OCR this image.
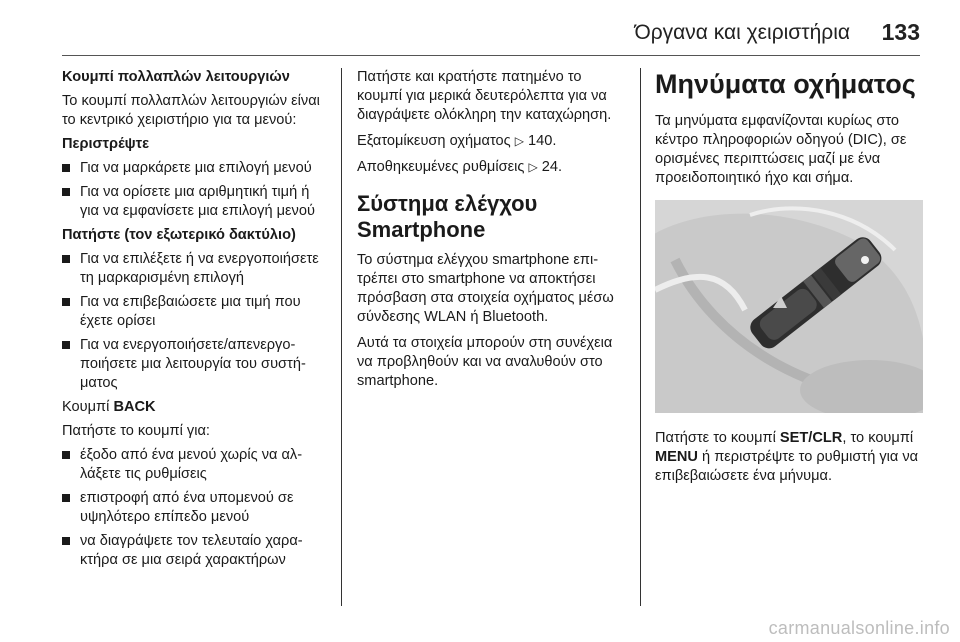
Όργανα και χειριστήρια 133

Κουμπί πολλαπλών λειτουργιών

Το κουμπί πολλαπλών λειτουργιών είναι το κεντρικό χειριστήριο για τα μενού:

Περιστρέψτε

Για να μαρκάρετε μια επιλογή μενού
Για να ορίσετε μια αριθμητική τιμή ή για να εμφανίσετε μια επιλογή μενού

Πατήστε (τον εξωτερικό δακτύλιο)

Για να επιλέξετε ή να ενεργοποιήσετε τη μαρκαρισμένη επιλογή
Για να επιβεβαιώσετε μια τιμή που έχετε ορίσει
Για να ενεργοποιήσετε/απενεργοποιήσετε μια λειτουργία του συστήματος

Κουμπί BACK

Πατήστε το κουμπί για:

έξοδο από ένα μενού χωρίς να αλλάξετε τις ρυθμίσεις
επιστροφή από ένα υπομενού σε υψηλότερο επίπεδο μενού
να διαγράψετε τον τελευταίο χαρακτήρα σε μια σειρά χαρακτήρων

Πατήστε και κρατήστε πατημένο το κουμπί για μερικά δευτερόλεπτα για να διαγράψετε ολόκληρη την καταχώρηση.

Εξατομίκευση οχήματος ▷ 140.

Αποθηκευμένες ρυθμίσεις ▷ 24.

Σύστημα ελέγχου Smartphone

Το σύστημα ελέγχου smartphone επιτρέπει στο smartphone να αποκτήσει πρόσβαση στα στοιχεία οχήματος μέσω σύνδεσης WLAN ή Bluetooth.

Αυτά τα στοιχεία μπορούν στη συνέχεια να προβληθούν και να αναλυθούν στο smartphone.

Μηνύματα οχήματος

Τα μηνύματα εμφανίζονται κυρίως στο κέντρο πληροφοριών οδηγού (DIC), σε ορισμένες περιπτώσεις μαζί με ένα προειδοποιητικό ήχο και σήμα.

Πατήστε το κουμπί SET/CLR, το κουμπί MENU ή περιστρέψτε το ρυθμιστή για να επιβεβαιώσετε ένα μήνυμα.

carmanualsonline.info
